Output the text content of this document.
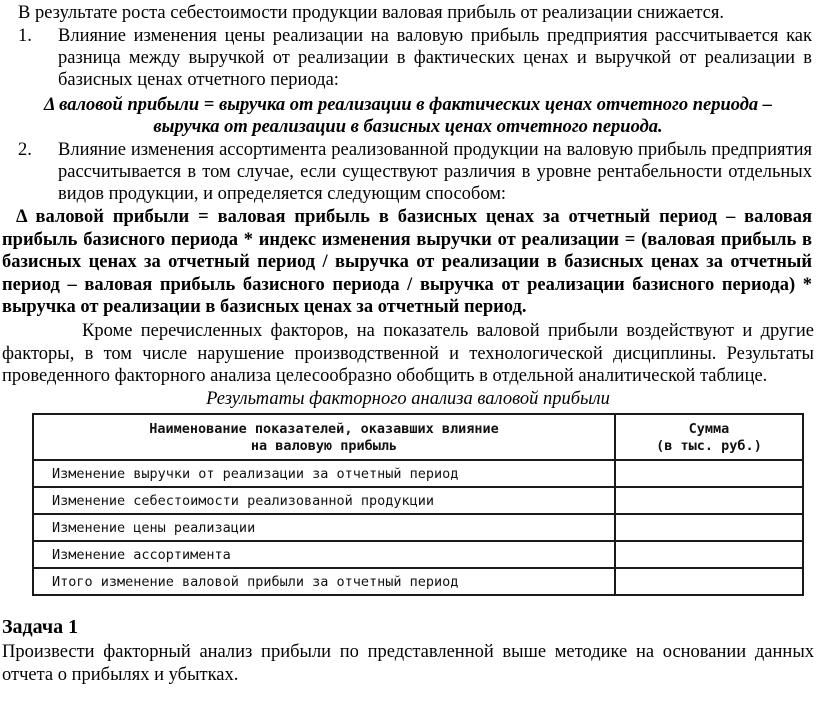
В результате роста себестоимости продукции валовая прибыль от реализации снижается.

1. Влияние изменения цены реализации на валовую прибыль предприятия рассчитывается как разница между выручкой от реализации в фактических ценах и выручкой от реализации в базисных ценах отчетного периода:

Δ валовой прибыли = выручка от реализации в фактических ценах отчетного периода –
выручка от реализации в базисных ценах отчетного периода.
2. Влияние изменения ассортимента реализованной продукции на валовую прибыль предприятия рассчитывается в том случае, если существуют различия в уровне рентабельности отдельных видов продукции, и определяется следующим способом:

Δ валовой прибыли = валовая прибыль в базисных ценах за отчетный период – валовая прибыль базисного периода * индекс изменения выручки от реализации = (валовая прибыль в базисных ценах за отчетный период / выручка от реализации в базисных ценах за отчетный период – валовая прибыль базисного периода / выручка от реализации базисного периода) * выручка от реализации в базисных ценах за отчетный период.

Кроме перечисленных факторов, на показатель валовой прибыли воздействуют и другие факторы, в том числе нарушение производственной и технологической дисциплины. Результаты проведенного факторного анализа целесообразно обобщить в отдельной аналитической таблице.

Результаты факторного анализа валовой прибыли
Наименование показателей, оказавших влияние
на валовую прибыль	Сумма
(в тыс. руб.)
Изменение выручки от реализации за отчетный период	
Изменение себестоимости реализованной продукции	
Изменение цены реализации	
Изменение ассортимента	
Итого изменение валовой прибыли за отчетный период	
Задача 1

Произвести факторный анализ прибыли по представленной выше методике на основании данных отчета о прибылях и убытках.
